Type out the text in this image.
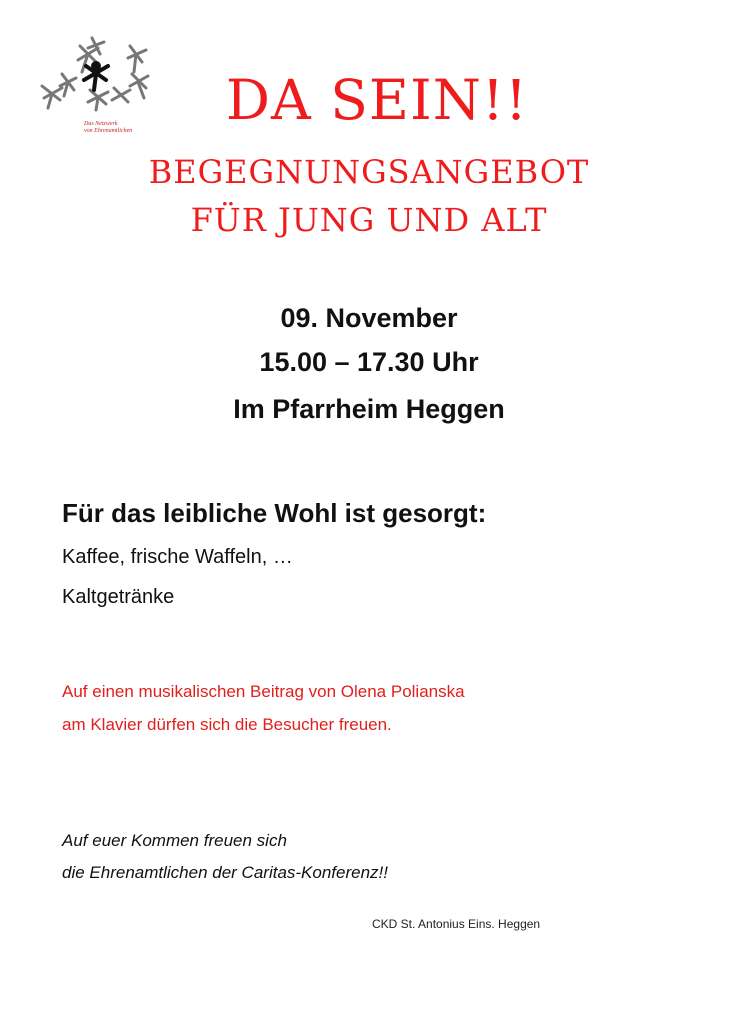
Das Netzwerk
von Ehrenamtlichen	DA SEIN!!
BEGEGNUNGSANGEBOT
FÜR JUNG UND ALT
09. November
15.00 – 17.30 Uhr
Im Pfarrheim Heggen
Für das leibliche Wohl ist gesorgt:
Kaffee, frische Waffeln, …
Kaltgetränke
Auf einen musikalischen Beitrag von Olena Polianska
am Klavier dürfen sich die Besucher freuen.
Auf euer Kommen freuen sich
die Ehrenamtlichen der Caritas-Konferenz!!
CKD St. Antonius Eins. Heggen
